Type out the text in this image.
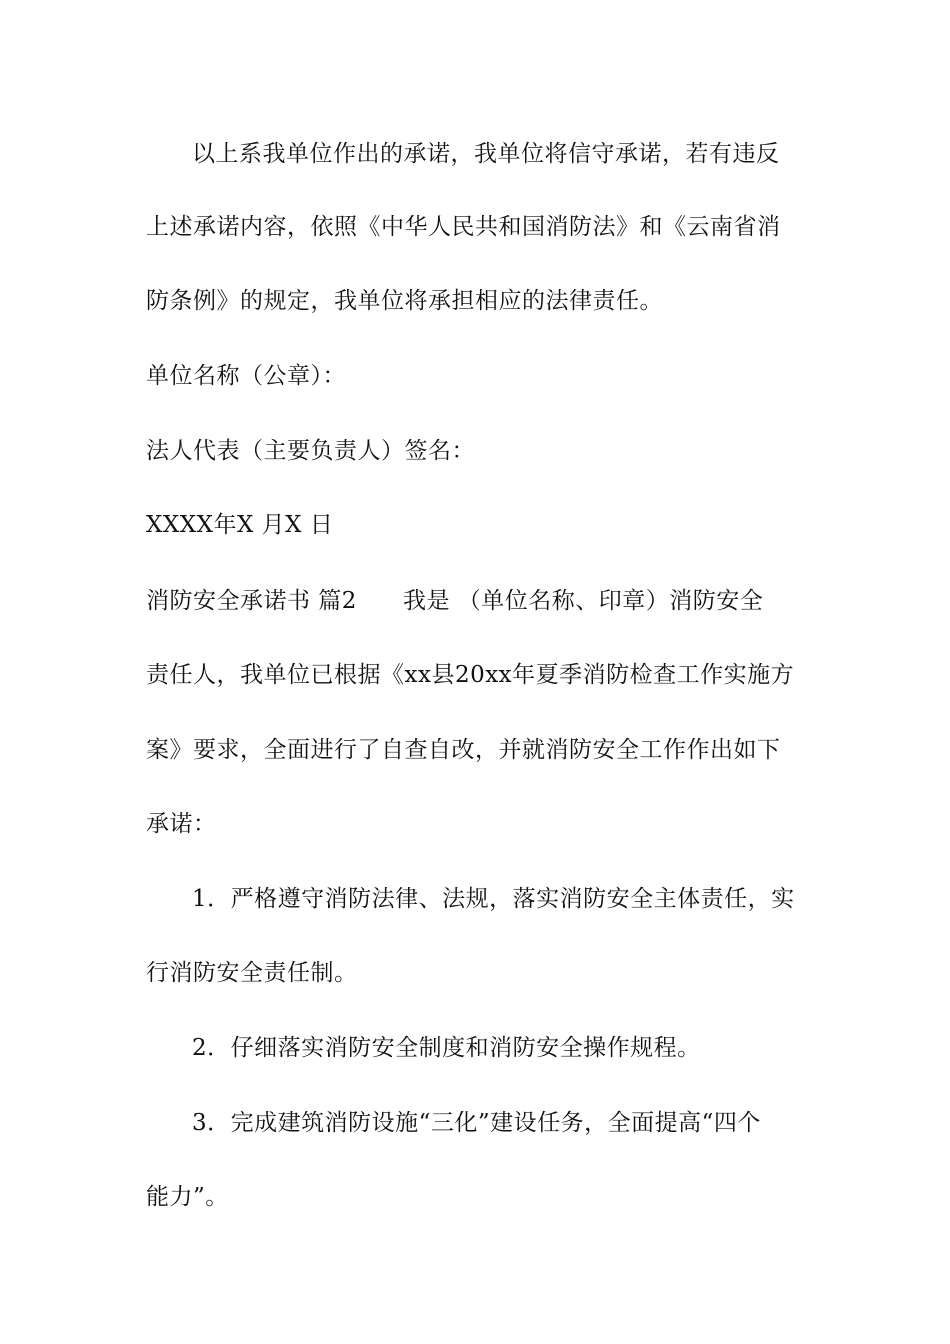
以上系我单位作出的承诺，我单位将信守承诺，若有违反
上述承诺内容，依照《中华人民共和国消防法》和《云南省消
防条例》的规定，我单位将承担相应的法律责任。
单位名称（公章）：
法人代表（主要负责人）签名：
XXXX年X 月X 日
消防安全承诺书 篇2 我是 （单位名称、印章）消防安全
责任人，我单位已根据《xx县20xx年夏季消防检查工作实施方
案》要求，全面进行了自查自改，并就消防安全工作作出如下
承诺：
1．严格遵守消防法律、法规，落实消防安全主体责任，实
行消防安全责任制。
2．仔细落实消防安全制度和消防安全操作规程。
3．完成建筑消防设施“三化”建设任务，全面提高“四个
能力”。
